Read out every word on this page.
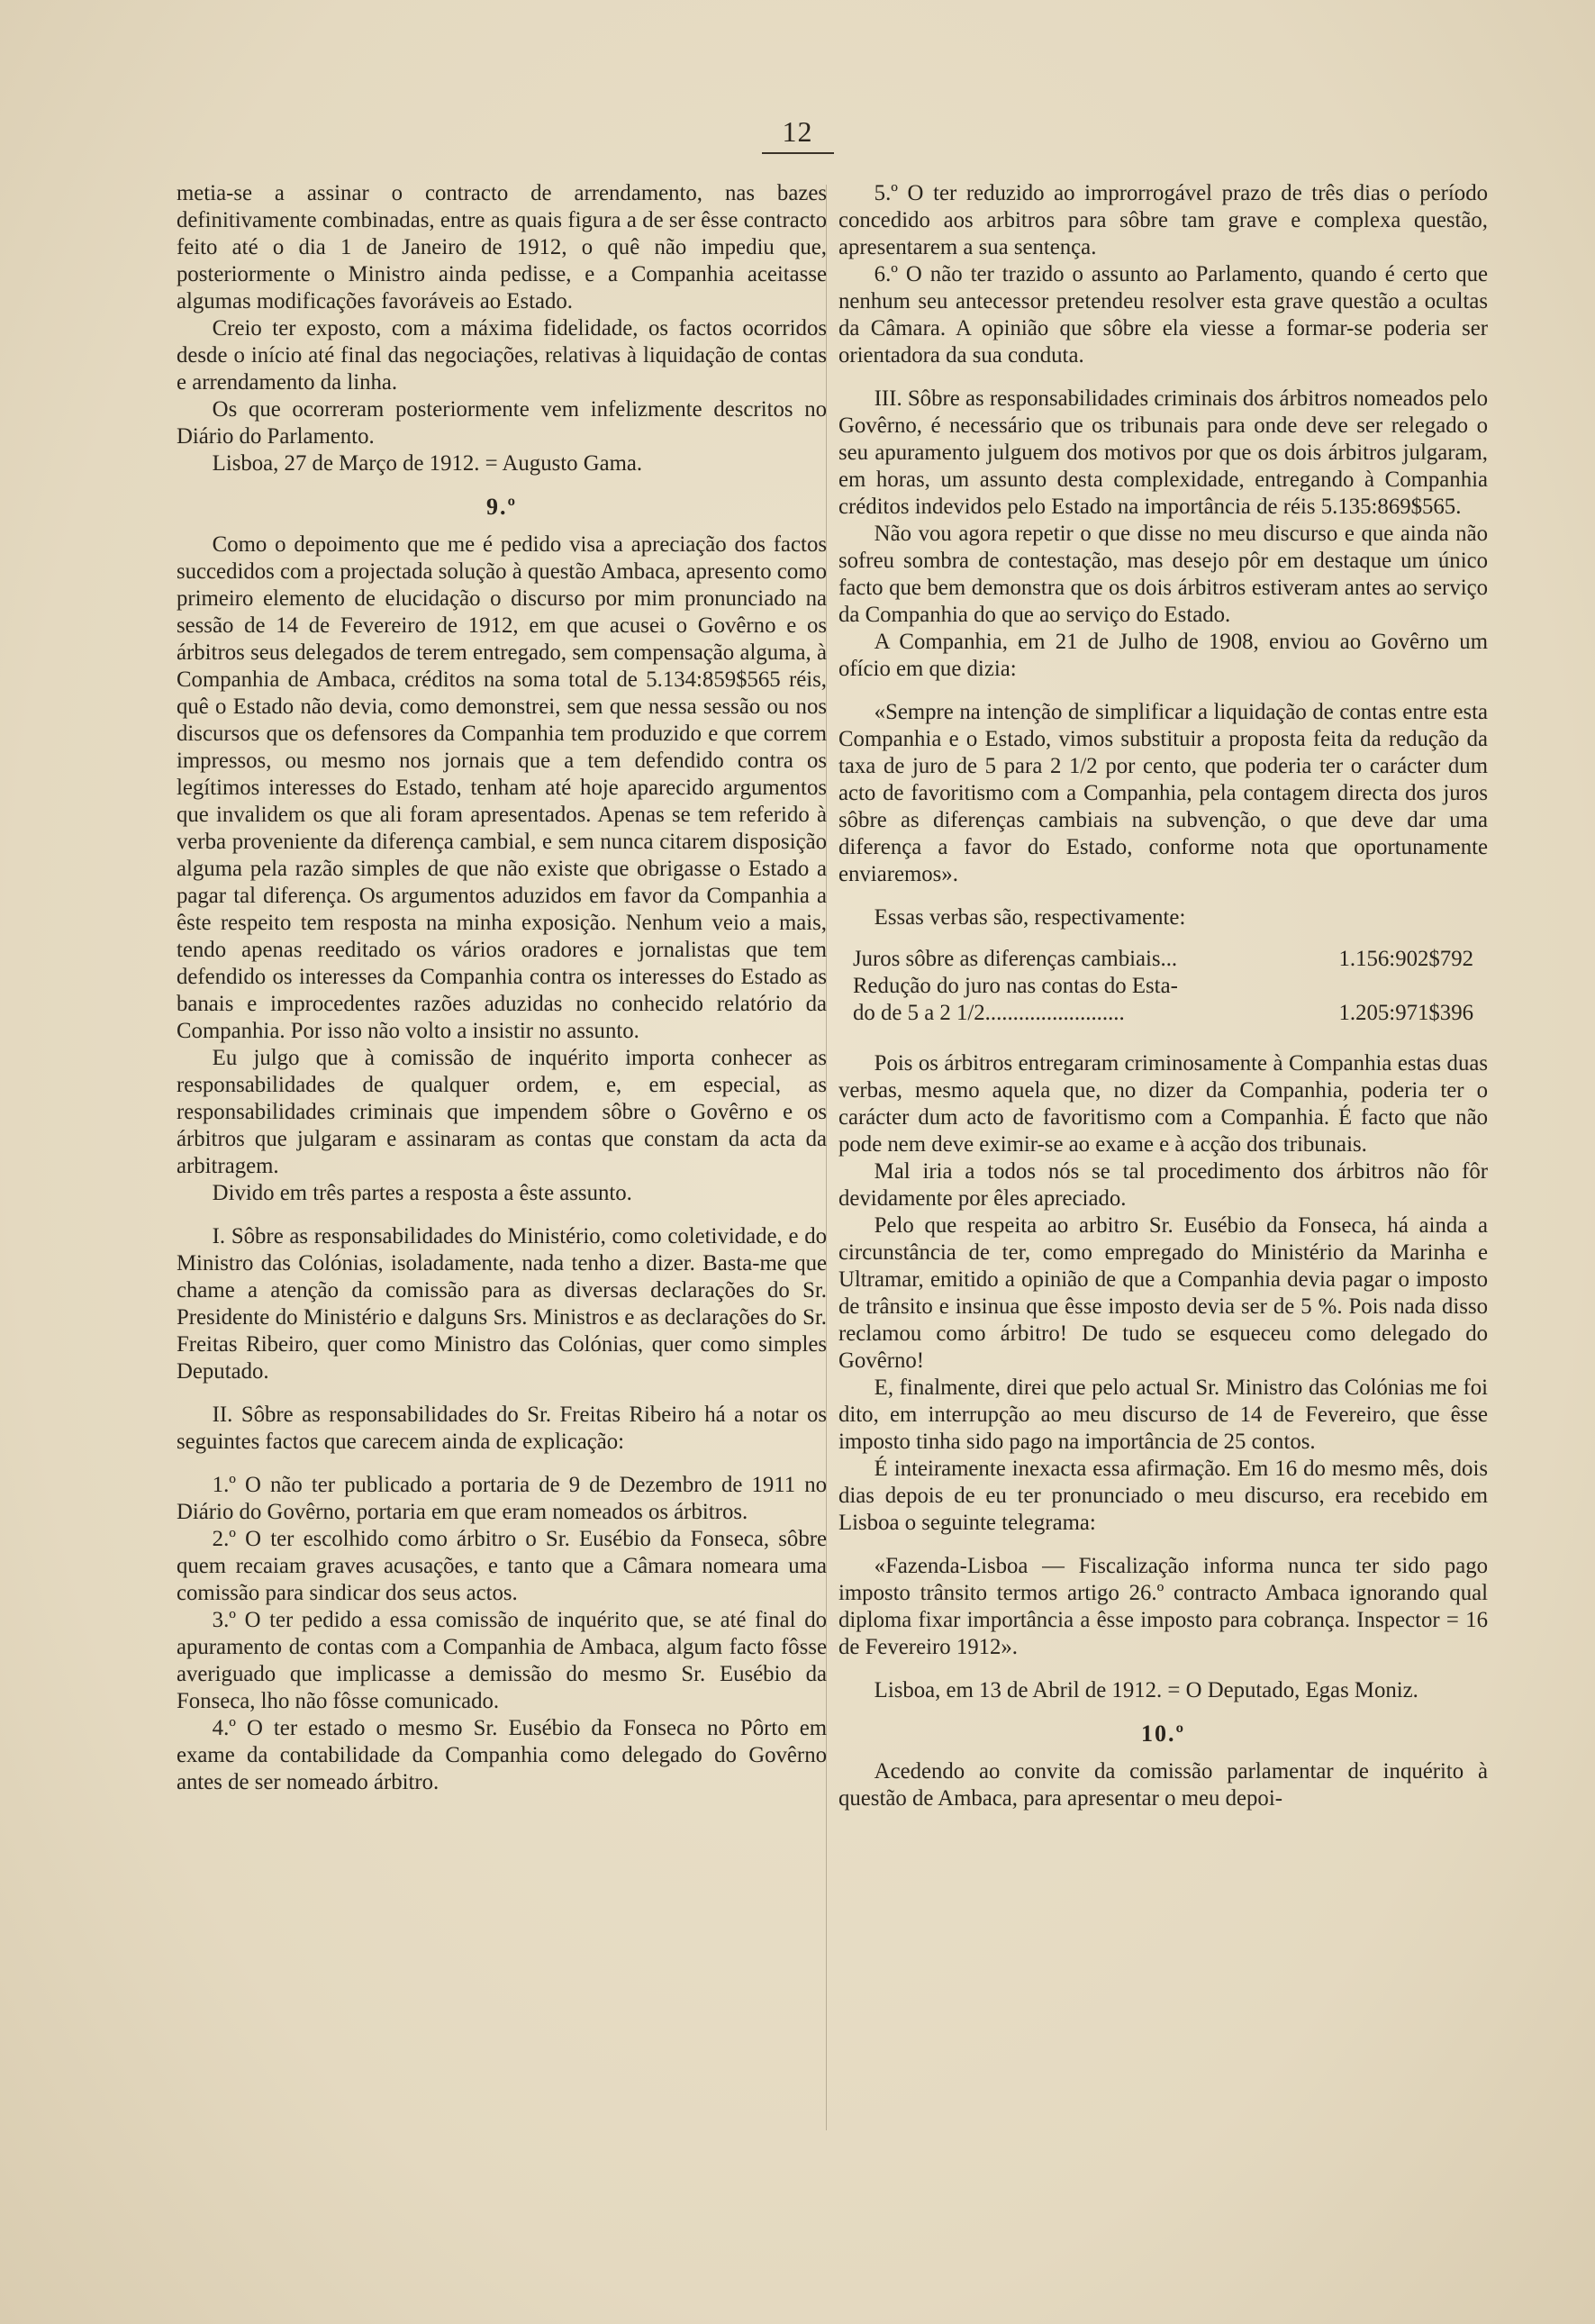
12

metia-se a assinar o contracto de arrendamento, nas bazes definitivamente combinadas, entre as quais figura a de ser êsse contracto feito até o dia 1 de Janeiro de 1912, o quê não impediu que, posteriormente o Ministro ainda pedisse, e a Companhia aceitasse algumas modificações favoráveis ao Estado.

Creio ter exposto, com a máxima fidelidade, os factos ocorridos desde o início até final das negociações, relativas à liquidação de contas e arrendamento da linha.

Os que ocorreram posteriormente vem infelizmente descritos no Diário do Parlamento.

Lisboa, 27 de Março de 1912. = Augusto Gama.

9.º

Como o depoimento que me é pedido visa a apreciação dos factos succedidos com a projectada solução à questão Ambaca, apresento como primeiro elemento de elucidação o discurso por mim pronunciado na sessão de 14 de Fevereiro de 1912, em que acusei o Govêrno e os árbitros seus delegados de terem entregado, sem compensação alguma, à Companhia de Ambaca, créditos na soma total de 5.134:859$565 réis, quê o Estado não devia, como demonstrei, sem que nessa sessão ou nos discursos que os defensores da Companhia tem produzido e que correm impressos, ou mesmo nos jornais que a tem defendido contra os legítimos interesses do Estado, tenham até hoje aparecido argumentos que invalidem os que ali foram apresentados. Apenas se tem referido à verba proveniente da diferença cambial, e sem nunca citarem disposição alguma pela razão simples de que não existe que obrigasse o Estado a pagar tal diferença. Os argumentos aduzidos em favor da Companhia a êste respeito tem resposta na minha exposição. Nenhum veio a mais, tendo apenas reeditado os vários oradores e jornalistas que tem defendido os interesses da Companhia contra os interesses do Estado as banais e improcedentes razões aduzidas no conhecido relatório da Companhia. Por isso não volto a insistir no assunto.

Eu julgo que à comissão de inquérito importa conhecer as responsabilidades de qualquer ordem, e, em especial, as responsabilidades criminais que impendem sôbre o Govêrno e os árbitros que julgaram e assinaram as contas que constam da acta da arbitragem.

Divido em três partes a resposta a êste assunto.

I. Sôbre as responsabilidades do Ministério, como coletividade, e do Ministro das Colónias, isoladamente, nada tenho a dizer. Basta-me que chame a atenção da comissão para as diversas declarações do Sr. Presidente do Ministério e dalguns Srs. Ministros e as declarações do Sr. Freitas Ribeiro, quer como Ministro das Colónias, quer como simples Deputado.

II. Sôbre as responsabilidades do Sr. Freitas Ribeiro há a notar os seguintes factos que carecem ainda de explicação:

1.º O não ter publicado a portaria de 9 de Dezembro de 1911 no Diário do Govêrno, portaria em que eram nomeados os árbitros.

2.º O ter escolhido como árbitro o Sr. Eusébio da Fonseca, sôbre quem recaiam graves acusações, e tanto que a Câmara nomeara uma comissão para sindicar dos seus actos.

3.º O ter pedido a essa comissão de inquérito que, se até final do apuramento de contas com a Companhia de Ambaca, algum facto fôsse averiguado que implicasse a demissão do mesmo Sr. Eusébio da Fonseca, lho não fôsse comunicado.

4.º O ter estado o mesmo Sr. Eusébio da Fonseca no Pôrto em exame da contabilidade da Companhia como delegado do Govêrno antes de ser nomeado árbitro.

5.º O ter reduzido ao improrrogável prazo de três dias o período concedido aos arbitros para sôbre tam grave e complexa questão, apresentarem a sua sentença.

6.º O não ter trazido o assunto ao Parlamento, quando é certo que nenhum seu antecessor pretendeu resolver esta grave questão a ocultas da Câmara. A opinião que sôbre ela viesse a formar-se poderia ser orientadora da sua conduta.

III. Sôbre as responsabilidades criminais dos árbitros nomeados pelo Govêrno, é necessário que os tribunais para onde deve ser relegado o seu apuramento julguem dos motivos por que os dois árbitros julgaram, em horas, um assunto desta complexidade, entregando à Companhia créditos indevidos pelo Estado na importância de réis 5.135:869$565.

Não vou agora repetir o que disse no meu discurso e que ainda não sofreu sombra de contestação, mas desejo pôr em destaque um único facto que bem demonstra que os dois árbitros estiveram antes ao serviço da Companhia do que ao serviço do Estado.

A Companhia, em 21 de Julho de 1908, enviou ao Govêrno um ofício em que dizia:

«Sempre na intenção de simplificar a liquidação de contas entre esta Companhia e o Estado, vimos substituir a proposta feita da redução da taxa de juro de 5 para 2 1/2 por cento, que poderia ter o carácter dum acto de favoritismo com a Companhia, pela contagem directa dos juros sôbre as diferenças cambiais na subvenção, o que deve dar uma diferença a favor do Estado, conforme nota que oportunamente enviaremos».

Essas verbas são, respectivamente:

Juros sôbre as diferenças cambiais...	1.156:902$792
Redução do juro nas contas do Esta-
do de 5 a 2 1/2.........................	1.205:971$396

Pois os árbitros entregaram criminosamente à Companhia estas duas verbas, mesmo aquela que, no dizer da Companhia, poderia ter o carácter dum acto de favoritismo com a Companhia. É facto que não pode nem deve eximir-se ao exame e à acção dos tribunais.

Mal iria a todos nós se tal procedimento dos árbitros não fôr devidamente por êles apreciado.

Pelo que respeita ao arbitro Sr. Eusébio da Fonseca, há ainda a circunstância de ter, como empregado do Ministério da Marinha e Ultramar, emitido a opinião de que a Companhia devia pagar o imposto de trânsito e insinua que êsse imposto devia ser de 5 %. Pois nada disso reclamou como árbitro! De tudo se esqueceu como delegado do Govêrno!

E, finalmente, direi que pelo actual Sr. Ministro das Colónias me foi dito, em interrupção ao meu discurso de 14 de Fevereiro, que êsse imposto tinha sido pago na importância de 25 contos.

É inteiramente inexacta essa afirmação. Em 16 do mesmo mês, dois dias depois de eu ter pronunciado o meu discurso, era recebido em Lisboa o seguinte telegrama:

«Fazenda-Lisboa — Fiscalização informa nunca ter sido pago imposto trânsito termos artigo 26.º contracto Ambaca ignorando qual diploma fixar importância a êsse imposto para cobrança. Inspector = 16 de Fevereiro 1912».

Lisboa, em 13 de Abril de 1912. = O Deputado, Egas Moniz.

10.º

Acedendo ao convite da comissão parlamentar de inquérito à questão de Ambaca, para apresentar o meu depoi-
